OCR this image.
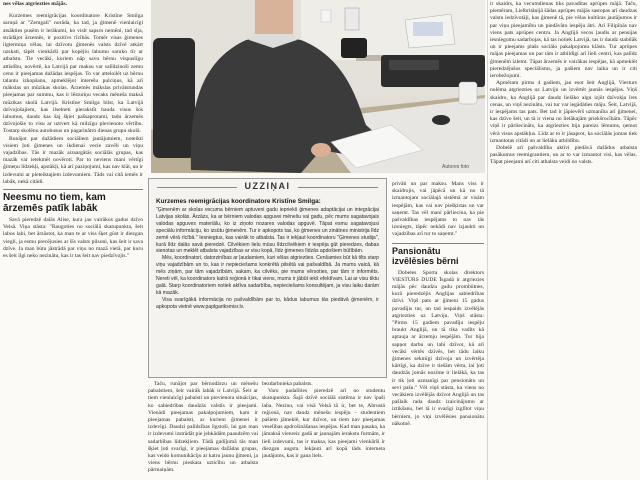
nes vēlas atgriezties mājās.

Kurzemes reemigrācijas koordinatore Kristīne Smilga saruņā ar "Zemgali" norāda, ka tad, ja ģimenē vienlaicīgi atsākties pusēm ir lerākumi, ko vislt sapsrn nemēni, tad slja, strādājot ārzemēs, ir pozitīvs rīcībās. Tomēr visas ģimenes ilgtermiņa vēlas, lai dzīvotu ģimenēs valsts dzīvē atkārt uzskati, tāpēt vienkārši par kopējiu labumu saruko tīr ar atbalstu. Tie vecāki, kuriem nāp savu bērnu vispuslīgu attīstību, novērtē, ka Latvijā par maksu var salīdzinoši zemu cenu ir pieejamas dažādas iespējas. To var atteloilēt uz bērnu talantu izkopšanu, apmeklējot interešu pulciņus, kā arī mākslas un mūzikas skolas. Ārzemēs mākslas privātstundas pieejamas par summu, kas ir lēsturiņu vecaks mēneša maksā mūzikas skolā Latvijā. Kristīne Smilga bilst, ka Latvijā dzīvojošajiem, kas ilselneti pierakstīt bauda visus šos labumus, daudz kas šaj šķiet pašsaprotami, tadu ārzemēs dzīvojošie to visu ar uztvert kā milzīgu plevienoto vērtību. Tostarp skolēnu autobusus un pagarinātro dienas grupu skolā.

Runājot par dažādiem sociāliem jautājumiem, noteikti visiem ļoti ģimenes un ikdienai vecie zavēli un viņu vajadzības. Tās ir mazāk aizsargātās sociālās grupas, kas mazāk var ietekmēt novēroti. Par to neviens mani vērtīgi ģimeņu līdzekļi, apstākļi, kā arī paziņojumi, kas nav klāt, un ir izdevumi ar pieteiktajiem izdevumiem. Tāds vai citā iemēs ir labāk, nekā citādi.

Neesmu no tiem, kam ārzemēs patīk labāk

Savā pieredzē dalās Alise, kura jau vairākus gadus dzīvo Velsā. Viņa stāsta: "Raugoties no sociālā skatupunkta, šeit labos labi, bet ārzāstot, ka man te ar viss šķet gūst ir diezgan viegli, ja esmu precējusies ar šīs valsts pilsoni, kas šeit ir sava dzīve. Ja man būtu jāstrādā par viņu no mazā vietā, par kuru es šeit ilgi neko nezinātu, kas ir tas šeit nav piedzīvojis."

Autores foto
UZZIŅAI

Kurzemes reemigrācijas koordinatore Kristīne Smilga:

"Ģimenēm ar skolas vecuma bērniem aptuveni gadu iepriekš ģimenes adaptācijai un integrācijai Latvijas skolās. Ārzāzs, ka ar bērniem valodas apguvei mēnešu vai gadu, pēc mums sagatavojais valodas apguves materiālu, ko iz ziņoto nozares valodas apguvē. Tāpat esmu sagatavojusi speciālu informāciju, ko izsūtu ģimenēm. Tur ir apkopots tas, ko ģimenes un zinātnes ministrija līdz zemē vērā rīcībā." Iesniegtus, kas vairāk to atbalsta. Tas ir iekļaut koordinatoru "Ģimenes studija", kurā līdz dalās savā pieredzē. Cilvēkiem lielu mūsu līdzcilvēkiem ir iespēja gūt pieredzes, dabas sienotas un meklēt atbalsta vajadzības ar visu kopā, līdz ģimenes līdzās apdošiem būtībām.

Mēs, koordinatori, datorzinības ar ļaudamiem, kuri vēlas atgriezties. Cenšamies būt kā tilts starp viņu vajadzībām un to, kas ir nepieciešams konkrētā pilsētā vai pašvaldībā. Ja mums vaicā, kā mēs ziņām, par tām vajadzībām, sakam, ka cilvēks, pie mums vērsoties, par tām ir informēts. Nereti vēl, ka koordinators katrā reģionā ir tikai viens, mums ir jābūt iekš efektīvam. Lai ar visu tiktu galā. Starp koordinatoriem notiek aktīva sadarbība, nepieciešams konsultējam, ja visu laiku darām kā mazāk.

Visa svarīgākā informācija no pašvaldībām par to, kādus labumus tās piedāvā ģimenēm, ir apkopota vietnē www.paplgariksmisr.lv.

Taču, runājot par bērnudārzu un mēnešu pabalstiem, šeit vairāk labāk ir Latvijā. Šeit ar tiem vienlaicīgi pabalsti un pievienota situācijas, ko sabiedrības daudzās valstīs ir pieejami. Vienādi pieejamas pakalpojumiem, kam ir pieejamas pabalsti, ar kuriem ģimenei ir izdevīgi. Daudzi palīdzības ilgstoši, lai gan man ir izdevumi izstrādāt pie jebkādām paaudzēm vai sadarbības līdzekļiem. Tādā gadījumā tās man šķiet ļoti svarīgi, ir pieejamas dažādas grupas, kas veido komunikāciju ar katru jaunu ģimeni, ja viens bērnu pieskata uzticību un atbalsta pārmaiņām.

bezdarbnieka pabalsts.

Varu padalīties pieredzē arī no studentu skatupunkta. Šajā dzīvē sociālā sistēma ir nav īpaši laba. Nezinu, vai visā Velsā tā ir, bet te, Abrustā reģionā, nav daudz mēnešu iespēju - studentiem pašiem jāmeklē, kur dzīvot, un tiem nav pieejamas veselības apdrošināšanas iespējas. Kad man pasaka, ka jāmaksā vienreiz gadā ar jaunajām ierakstu formām, ir lieli izdevumi, tas ir maksa, kas pieejami vienkārši ir diezgan augsta. Iekļauti arī kopā tāds interneta jautājums, kas ir gana liels.

privāti un par maksu. Mans viss ir skaidrojis, vai jāpēcā un kā no tā izmantojam sociālajā sistēmā ar visām iespējām, kas vai nav piešķirtas un var saņemt. Tas vēl mani pārliecina, ka pie pašvaldības iespējams to nav tās izsniegts, tāpēc nekādi nav izjaukti un vajadzības arī tur to saņemt."

Pansionātu izvēlēsies bērni

Dobeles Sporta skolas direktors VIESTURS DUDE Īsgadā ir atgriezies mājās pēc daudzu gadu prombūtnes, kurā pieredzējis Anglijas sabiedrības dzīvi. Viņš pats ar ģimeni 15 gadus pavadījis tur, un tad iespaids izvēlējās atgriezties uz Latviju. Viņš stāsta: "Pirms 15 gadiem pavadīju iespēju braukt Anglijā, un tā tika vadīts kā aptauja ar ārzemju iespējām. Tur bija sapņot darbu un labi dzīvot, kā arī vecāki vērtēs dzīvēs, bet tādu laiku ģimenes sekmīgi dzīvoja un izvērtēja kārtīgi, ka dzīve ir tiešām vērta, lai ļoti daudzās jomās nozīme ir lielākā, ka tas ir tik ļoti uzmanīgi par pensionātu un sevi pašu." Vēl viņš stāsta, ka viens no vecākiem izvēlējās dzīvot Anglijā un tas pašlaik rada daudz izaicinājumu ar iztikšanu, bet tā ir svarīgi izglītot viņu bērniem, jo viņi izvēlēsies pansionātu nākotnē.

ir skaidrs, ka vecumdienas tiks pavadītas aprūpes mājā. Taču, piemēram, Lielbritānijā šādas aprūpes mājās sastopas arī daudzas valstu iedzīvotāji, kas ģimenē tā, pie vēlas kultūras jautājumos ir par viņu pieejamību un piedāvāto iespēju ātri. Arī Filipīnās nav viens pats aprūpes centru. Ja Anglijā vecos ļaudis ar pensijas iesniegumu sadarbojas, kā tas notiek Latvijā, tas ir daudz stabilāk un ir pieejams plašs sociālo pakalpojumu klāsts. Tur aprūpes mājas pieejamas un par tām ir atbildīgi arī lieli centri, kas palīdz ģimenēm izlemt. Tāpat ārzemēs ir vairākas iespējas, kā apmeklēt pieredzējušos speciālistus, ja pašiem nav laika un ir citi ierobežojumi.

Apmēram pirms 4 gadiem, jau esot šeit Anglijā, Viesturs nolēma atgriezties uz Latviju un izvērtēt jaunās iespējas. Viņš skaidro, ka Anglijā par daudz lielāko algu izjūt dzīvokļa īres cenas, un viņš nezinātu, vai tur var iegādāties māju. Šeit, Latvijā, ir iespējams tas pats. Bet tad ir jāpievērš uzmanība arī ģimenei, kas dzīvo šeit, un tā ir viena no lielākajām priekšrocībām. Tāpēc viņš ir pārliecināts, ka atgriezties bija pareizs lēmums, ņemot vērā visus apstākļus. Līdz ar to ir jāsaprot, ka sociālās jomas tiek izmantotas citādi un ar lielāku atbildību.

Dobelē arī pašvaldība aktīvi piedāvā dažādus atbalsta pasākumus reemigrantiem, un ar to var izmantot visi, kas vēlas. Tāpat pieejami arī citi atbalsta veidi no valsts.
